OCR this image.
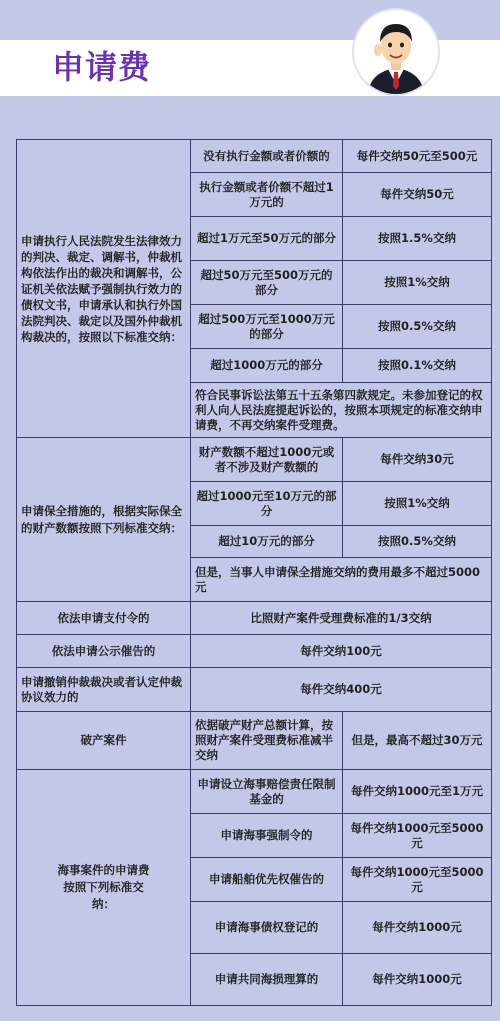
申请费
申请执行人民法院发生法律效力的判决、裁定、调解书，仲裁机构依法作出的裁决和调解书，公证机关依法赋予强制执行效力的债权文书，申请承认和执行外国法院判决、裁定以及国外仲裁机构裁决的，按照以下标准交纳：	没有执行金额或者价额的	每件交纳50元至500元
	执行金额或者价额不超过1万元的	每件交纳50元
	超过1万元至50万元的部分	按照1.5%交纳
	超过50万元至500万元的部分	按照1%交纳
	超过500万元至1000万元的部分	按照0.5%交纳
	超过1000万元的部分	按照0.1%交纳
	符合民事诉讼法第五十五条第四款规定。未参加登记的权利人向人民法庭提起诉讼的，按照本项规定的标准交纳申请费，不再交纳案件受理费。	
申请保全措施的，根据实际保全的财产数额按照下列标准交纳：	财产数额不超过1000元或者不涉及财产数额的	每件交纳30元
	超过1000元至10万元的部分	按照1%交纳
	超过10万元的部分	按照0.5%交纳
	但是，当事人申请保全措施交纳的费用最多不超过5000元	
依法申请支付令的	比照财产案件受理费标准的1/3交纳	
依法申请公示催告的	每件交纳100元	
申请撤销仲裁裁决或者认定仲裁协议效力的	每件交纳400元	
破产案件	依据破产财产总额计算，按照财产案件受理费标准减半交纳	但是，最高不超过30万元
海事案件的申请费按照下列标准交纳：	申请设立海事赔偿责任限制基金的	每件交纳1000元至1万元
	申请海事强制令的	每件交纳1000元至5000元
	申请船舶优先权催告的	每件交纳1000元至5000元
	申请海事债权登记的	每件交纳1000元
	申请共同海损理算的	每件交纳1000元
